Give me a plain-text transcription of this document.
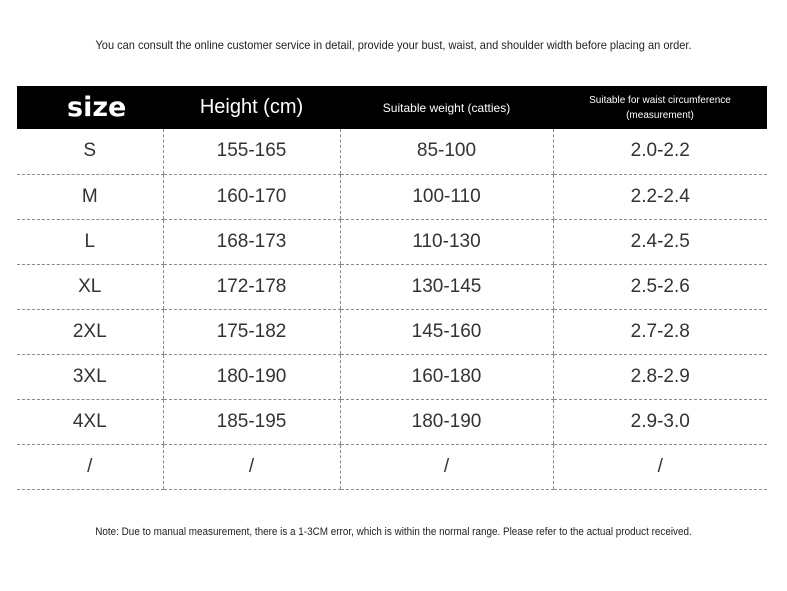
You can consult the online customer service in detail, provide your bust, waist, and shoulder width before placing an order.
size	Height (cm)	Suitable weight (catties)	Suitable for waist circumference
(measurement)

S	155-165	85-100	2.0-2.2
M	160-170	100-110	2.2-2.4
L	168-173	110-130	2.4-2.5
XL	172-178	130-145	2.5-2.6
2XL	175-182	145-160	2.7-2.8
3XL	180-190	160-180	2.8-2.9
4XL	185-195	180-190	2.9-3.0
/	/	/	/
Note: Due to manual measurement, there is a 1-3CM error, which is within the normal range. Please refer to the actual product received.
